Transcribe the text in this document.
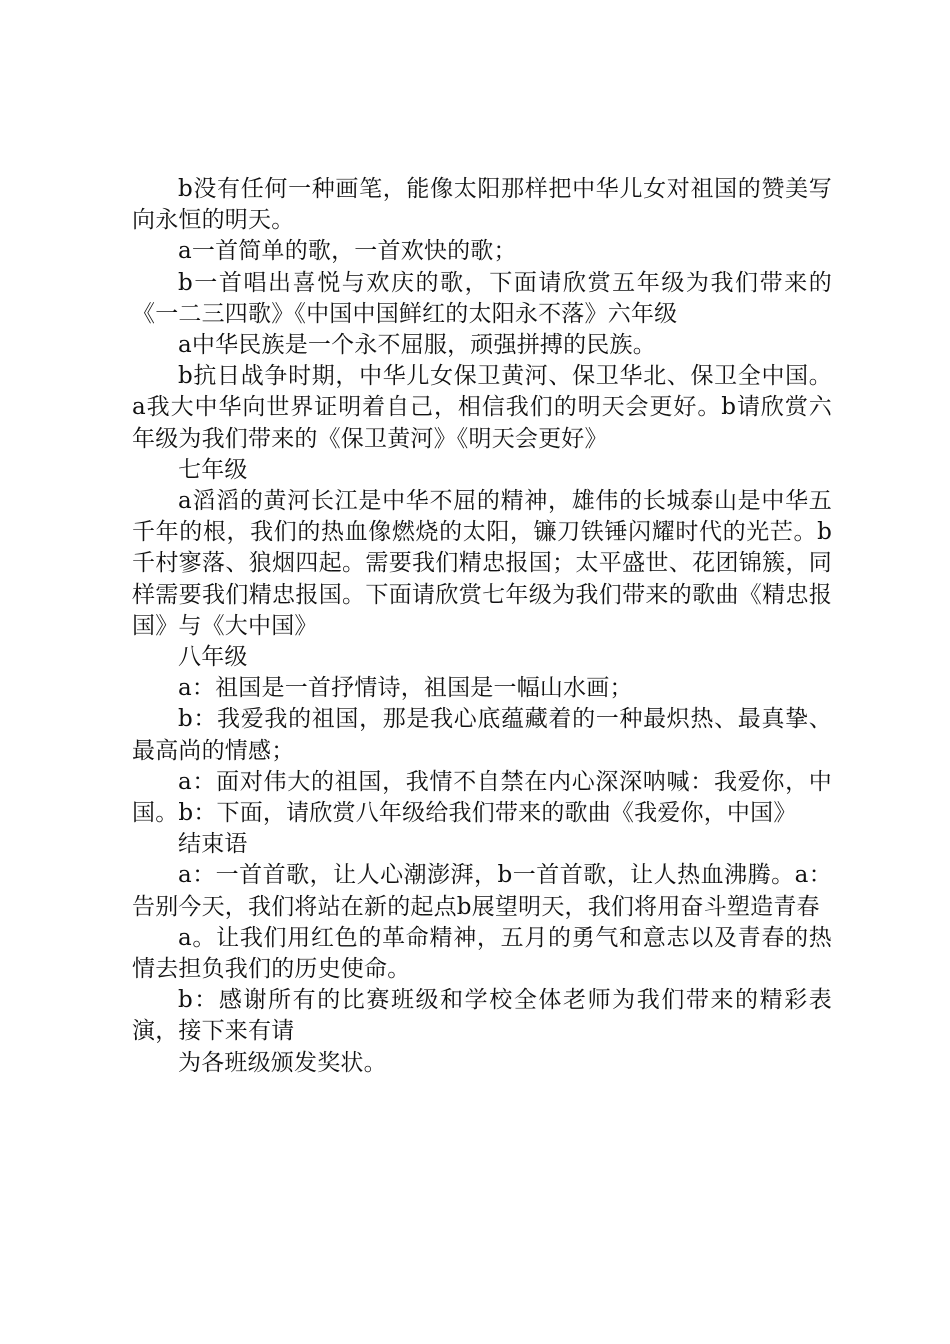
b没有任何一种画笔，能像太阳那样把中华儿女对祖国的赞美写向永恒的明天。

a一首简单的歌，一首欢快的歌；

b一首唱出喜悦与欢庆的歌，下面请欣赏五年级为我们带来的《一二三四歌》《中国中国鲜红的太阳永不落》六年级

a中华民族是一个永不屈服，顽强拼搏的民族。

b抗日战争时期，中华儿女保卫黄河、保卫华北、保卫全中国。a我大中华向世界证明着自己，相信我们的明天会更好。b请欣赏六年级为我们带来的《保卫黄河》《明天会更好》

七年级

a滔滔的黄河长江是中华不屈的精神，雄伟的长城泰山是中华五千年的根，我们的热血像燃烧的太阳，镰刀铁锤闪耀时代的光芒。b千村寥落、狼烟四起。需要我们精忠报国；太平盛世、花团锦簇，同样需要我们精忠报国。下面请欣赏七年级为我们带来的歌曲《精忠报国》与《大中国》

八年级

a：祖国是一首抒情诗，祖国是一幅山水画；

b：我爱我的祖国，那是我心底蕴藏着的一种最炽热、最真挚、最高尚的情感；

a：面对伟大的祖国，我情不自禁在内心深深呐喊：我爱你，中国。b：下面，请欣赏八年级给我们带来的歌曲《我爱你，中国》

结束语

a：一首首歌，让人心潮澎湃，b一首首歌，让人热血沸腾。a：告别今天，我们将站在新的起点b展望明天，我们将用奋斗塑造青春

a。让我们用红色的革命精神，五月的勇气和意志以及青春的热情去担负我们的历史使命。

b：感谢所有的比赛班级和学校全体老师为我们带来的精彩表演，接下来有请

为各班级颁发奖状。
